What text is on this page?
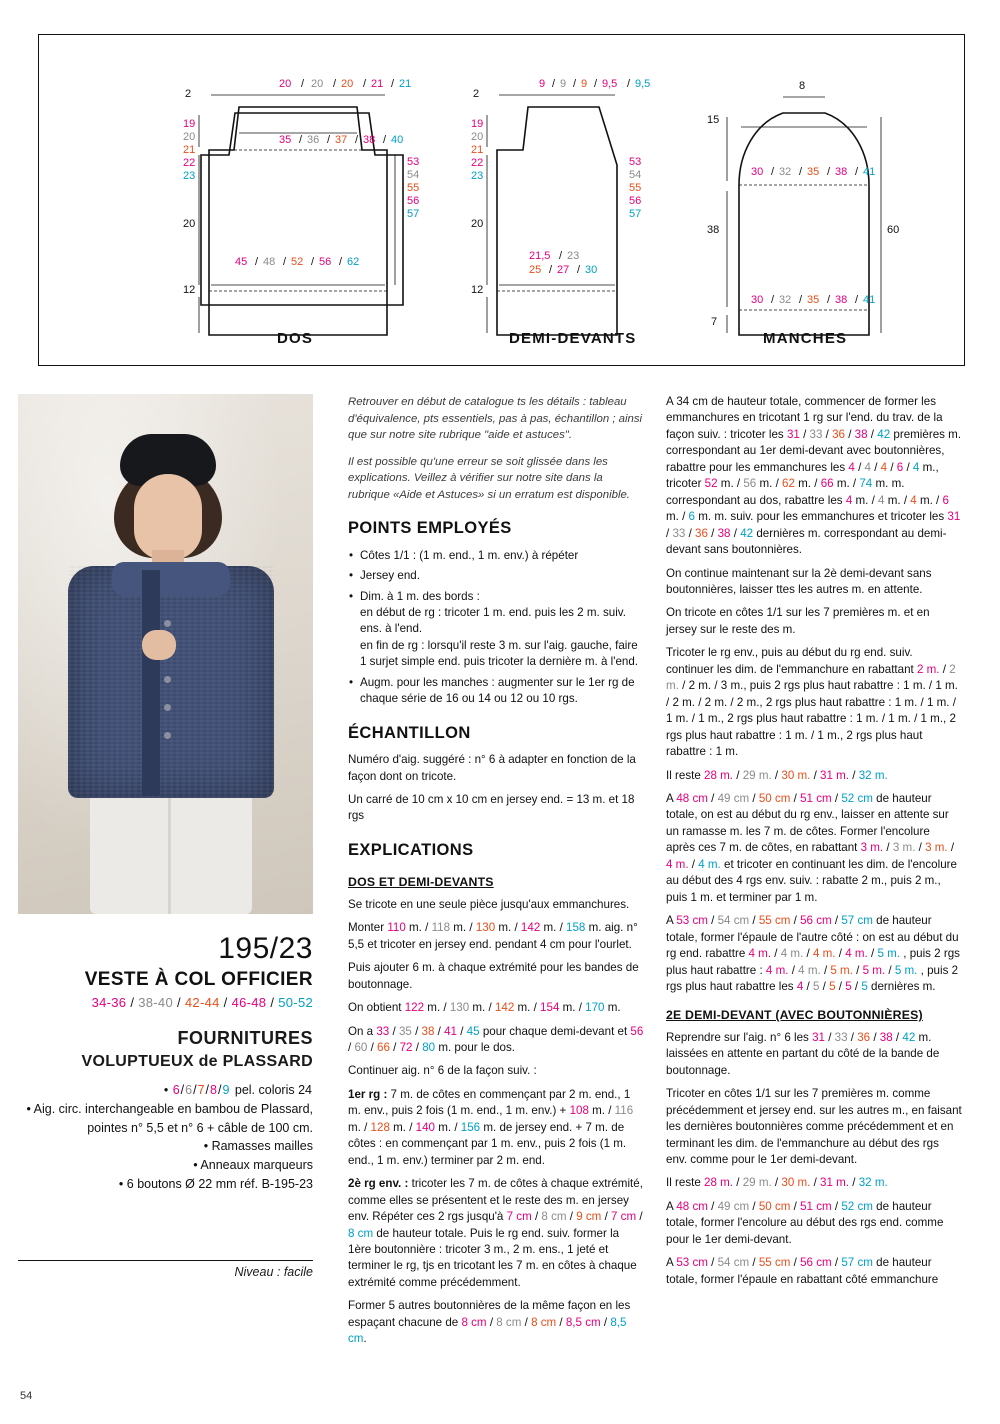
20 / 20 / 20 / 21 / 21
2
19
20
21
22
23
20
12
35 / 36 / 37 / 38 / 40
53
54
55
56
57
45 / 48 / 52 / 56 / 62
DOS
9 / 9 / 9 / 9,5 / 9,5
2
19
20
21
22
23
20
12
53
54
55
56
57
21,5 / 23
25 / 27 / 30
DEMI-DEVANTS
8
15
38
7
60
30 / 32 / 35 / 38 / 41
30 / 32 / 35 / 38 / 41
MANCHES
195/23
VESTE À COL OFFICIER
34-36 / 38-40 / 42-44 / 46-48 / 50-52
FOURNITURES
VOLUPTUEUX de PLASSARD
• 6/6/7/8/9 pel. coloris 24
• Aig. circ. interchangeable en bambou de Plassard, pointes n° 5,5 et n° 6 + câble de 100 cm.
• Ramasses mailles
• Anneaux marqueurs
• 6 boutons Ø 22 mm réf. B-195-23
Niveau : facile
Retrouver en début de catalogue ts les détails : tableau d'équivalence, pts essentiels, pas à pas, échantillon ; ainsi que sur notre site rubrique "aide et astuces".
Il est possible qu'une erreur se soit glissée dans les explications. Veillez à vérifier sur notre site dans la rubrique «Aide et Astuces» si un erratum est disponible.
POINTS EMPLOYÉS
• Côtes 1/1 : (1 m. end., 1 m. env.) à répéter
• Jersey end.
• Dim. à 1 m. des bords :
en début de rg : tricoter 1 m. end. puis les 2 m. suiv. ens. à l'end.
en fin de rg : lorsqu'il reste 3 m. sur l'aig. gauche, faire 1 surjet simple end. puis tricoter la dernière m. à l'end.
• Augm. pour les manches : augmenter sur le 1er rg de chaque série de 16 ou 14 ou 12 ou 10 rgs.
ÉCHANTILLON

Numéro d'aig. suggéré : n° 6 à adapter en fonction de la façon dont on tricote.

Un carré de 10 cm x 10 cm en jersey end. = 13 m. et 18 rgs

EXPLICATIONS
DOS ET DEMI-DEVANTS

Se tricote en une seule pièce jusqu'aux emmanchures.

Monter 110 m. / 118 m. / 130 m. / 142 m. / 158 m. aig. n° 5,5 et tricoter en jersey end. pendant 4 cm pour l'ourlet.

Puis ajouter 6 m. à chaque extrémité pour les bandes de boutonnage.

On obtient 122 m. / 130 m. / 142 m. / 154 m. / 170 m.

On a 33 / 35 / 38 / 41 / 45 pour chaque demi-devant et 56 / 60 / 66 / 72 / 80 m. pour le dos.

Continuer aig. n° 6 de la façon suiv. :

1er rg : 7 m. de côtes en commençant par 2 m. end., 1 m. env., puis 2 fois (1 m. end., 1 m. env.) + 108 m. / 116 m. / 128 m. / 140 m. / 156 m. de jersey end. + 7 m. de côtes : en commençant par 1 m. env., puis 2 fois (1 m. end., 1 m. env.) terminer par 2 m. end.

2è rg env. : tricoter les 7 m. de côtes à chaque extrémité, comme elles se présentent et le reste des m. en jersey env. Répéter ces 2 rgs jusqu'à 7 cm / 8 cm / 9 cm / 7 cm / 8 cm de hauteur totale. Puis le rg end. suiv. former la 1ère boutonnière : tricoter 3 m., 2 m. ens., 1 jeté et terminer le rg, tjs en tricotant les 7 m. en côtes à chaque extrémité comme précédemment.

Former 5 autres boutonnières de la même façon en les espaçant chacune de 8 cm / 8 cm / 8 cm / 8,5 cm / 8,5 cm.

A 34 cm de hauteur totale, commencer de former les emmanchures en tricotant 1 rg sur l'end. du trav. de la façon suiv. : tricoter les 31 / 33 / 36 / 38 / 42 premières m. correspondant au 1er demi-devant avec boutonnières, rabattre pour les emmanchures les 4 / 4 / 4 / 6 / 4 m., tricoter 52 m. / 56 m. / 62 m. / 66 m. / 74 m. m. correspondant au dos, rabattre les 4 m. / 4 m. / 4 m. / 6 m. / 6 m. m. suiv. pour les emmanchures et tricoter les 31 / 33 / 36 / 38 / 42 dernières m. correspondant au demi-devant sans boutonnières.

On continue maintenant sur la 2è demi-devant sans boutonnières, laisser ttes les autres m. en attente.

On tricote en côtes 1/1 sur les 7 premières m. et en jersey sur le reste des m.

Tricoter le rg env., puis au début du rg end. suiv. continuer les dim. de l'emmanchure en rabattant 2 m. / 2 m. / 2 m. / 3 m., puis 2 rgs plus haut rabattre : 1 m. / 1 m. / 2 m. / 2 m. / 2 m., 2 rgs plus haut rabattre : 1 m. / 1 m. / 1 m. / 1 m., 2 rgs plus haut rabattre : 1 m. / 1 m. / 1 m., 2 rgs plus haut rabattre : 1 m. / 1 m., 2 rgs plus haut rabattre : 1 m.

Il reste 28 m. / 29 m. / 30 m. / 31 m. / 32 m.

A 48 cm / 49 cm / 50 cm / 51 cm / 52 cm de hauteur totale, on est au début du rg env., laisser en attente sur un ramasse m. les 7 m. de côtes. Former l'encolure après ces 7 m. de côtes, en rabattant 3 m. / 3 m. / 3 m. / 4 m. / 4 m. et tricoter en continuant les dim. de l'encolure au début des 4 rgs env. suiv. : rabatte 2 m., puis 2 m., puis 1 m. et terminer par 1 m.

A 53 cm / 54 cm / 55 cm / 56 cm / 57 cm de hauteur totale, former l'épaule de l'autre côté : on est au début du rg end. rabattre 4 m. / 4 m. / 4 m. / 4 m. / 5 m. , puis 2 rgs plus haut rabattre : 4 m. / 4 m. / 5 m. / 5 m. / 5 m. , puis 2 rgs plus haut rabattre les 4 / 5 / 5 / 5 / 5 dernières m.

2E DEMI-DEVANT (AVEC BOUTONNIÈRES)

Reprendre sur l'aig. n° 6 les 31 / 33 / 36 / 38 / 42 m. laissées en attente en partant du côté de la bande de boutonnage.

Tricoter en côtes 1/1 sur les 7 premières m. comme précédemment et jersey end. sur les autres m., en faisant les dernières boutonnières comme précédemment et en terminant les dim. de l'emmanchure au début des rgs env. comme pour le 1er demi-devant.

Il reste 28 m. / 29 m. / 30 m. / 31 m. / 32 m.

A 48 cm / 49 cm / 50 cm / 51 cm / 52 cm de hauteur totale, former l'encolure au début des rgs end. comme pour le 1er demi-devant.

A 53 cm / 54 cm / 55 cm / 56 cm / 57 cm de hauteur totale, former l'épaule en rabattant côté emmanchure

54
